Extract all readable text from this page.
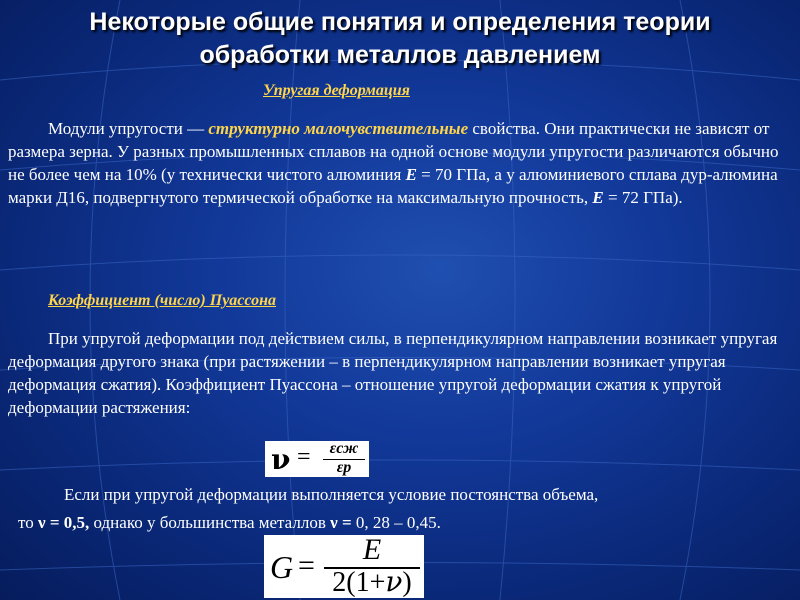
Некоторые общие понятия и определения теории
обработки металлов давлением
Упругая деформация
Модули упругости — структурно малочувствительные свойства. Они практически не зависят от размера зерна. У разных промышленных сплавов на одной основе модули упругости различаются обычно не более чем на 10% (у технически чистого алюминия E = 70 ГПа, а у алюминиевого сплава дур-алюмина марки Д16, подвергнутого термической обработке на максимальную прочность, E = 72 ГПа).
Коэффициент (число) Пуассона
При упругой деформации под действием силы, в перпендикулярном направлении возникает упругая деформация другого знака (при растяжении – в перпендикулярном направлении возникает упругая деформация сжатия). Коэффициент Пуассона – отношение упругой деформации сжатия к упругой деформации растяжения:
ν =	εсж
εр
Если при упругой деформации выполняется условие постоянства объема,
то ν = 0,5, однако у большинства металлов ν = 0, 28 – 0,45.
G =	E
2(1+ν)
